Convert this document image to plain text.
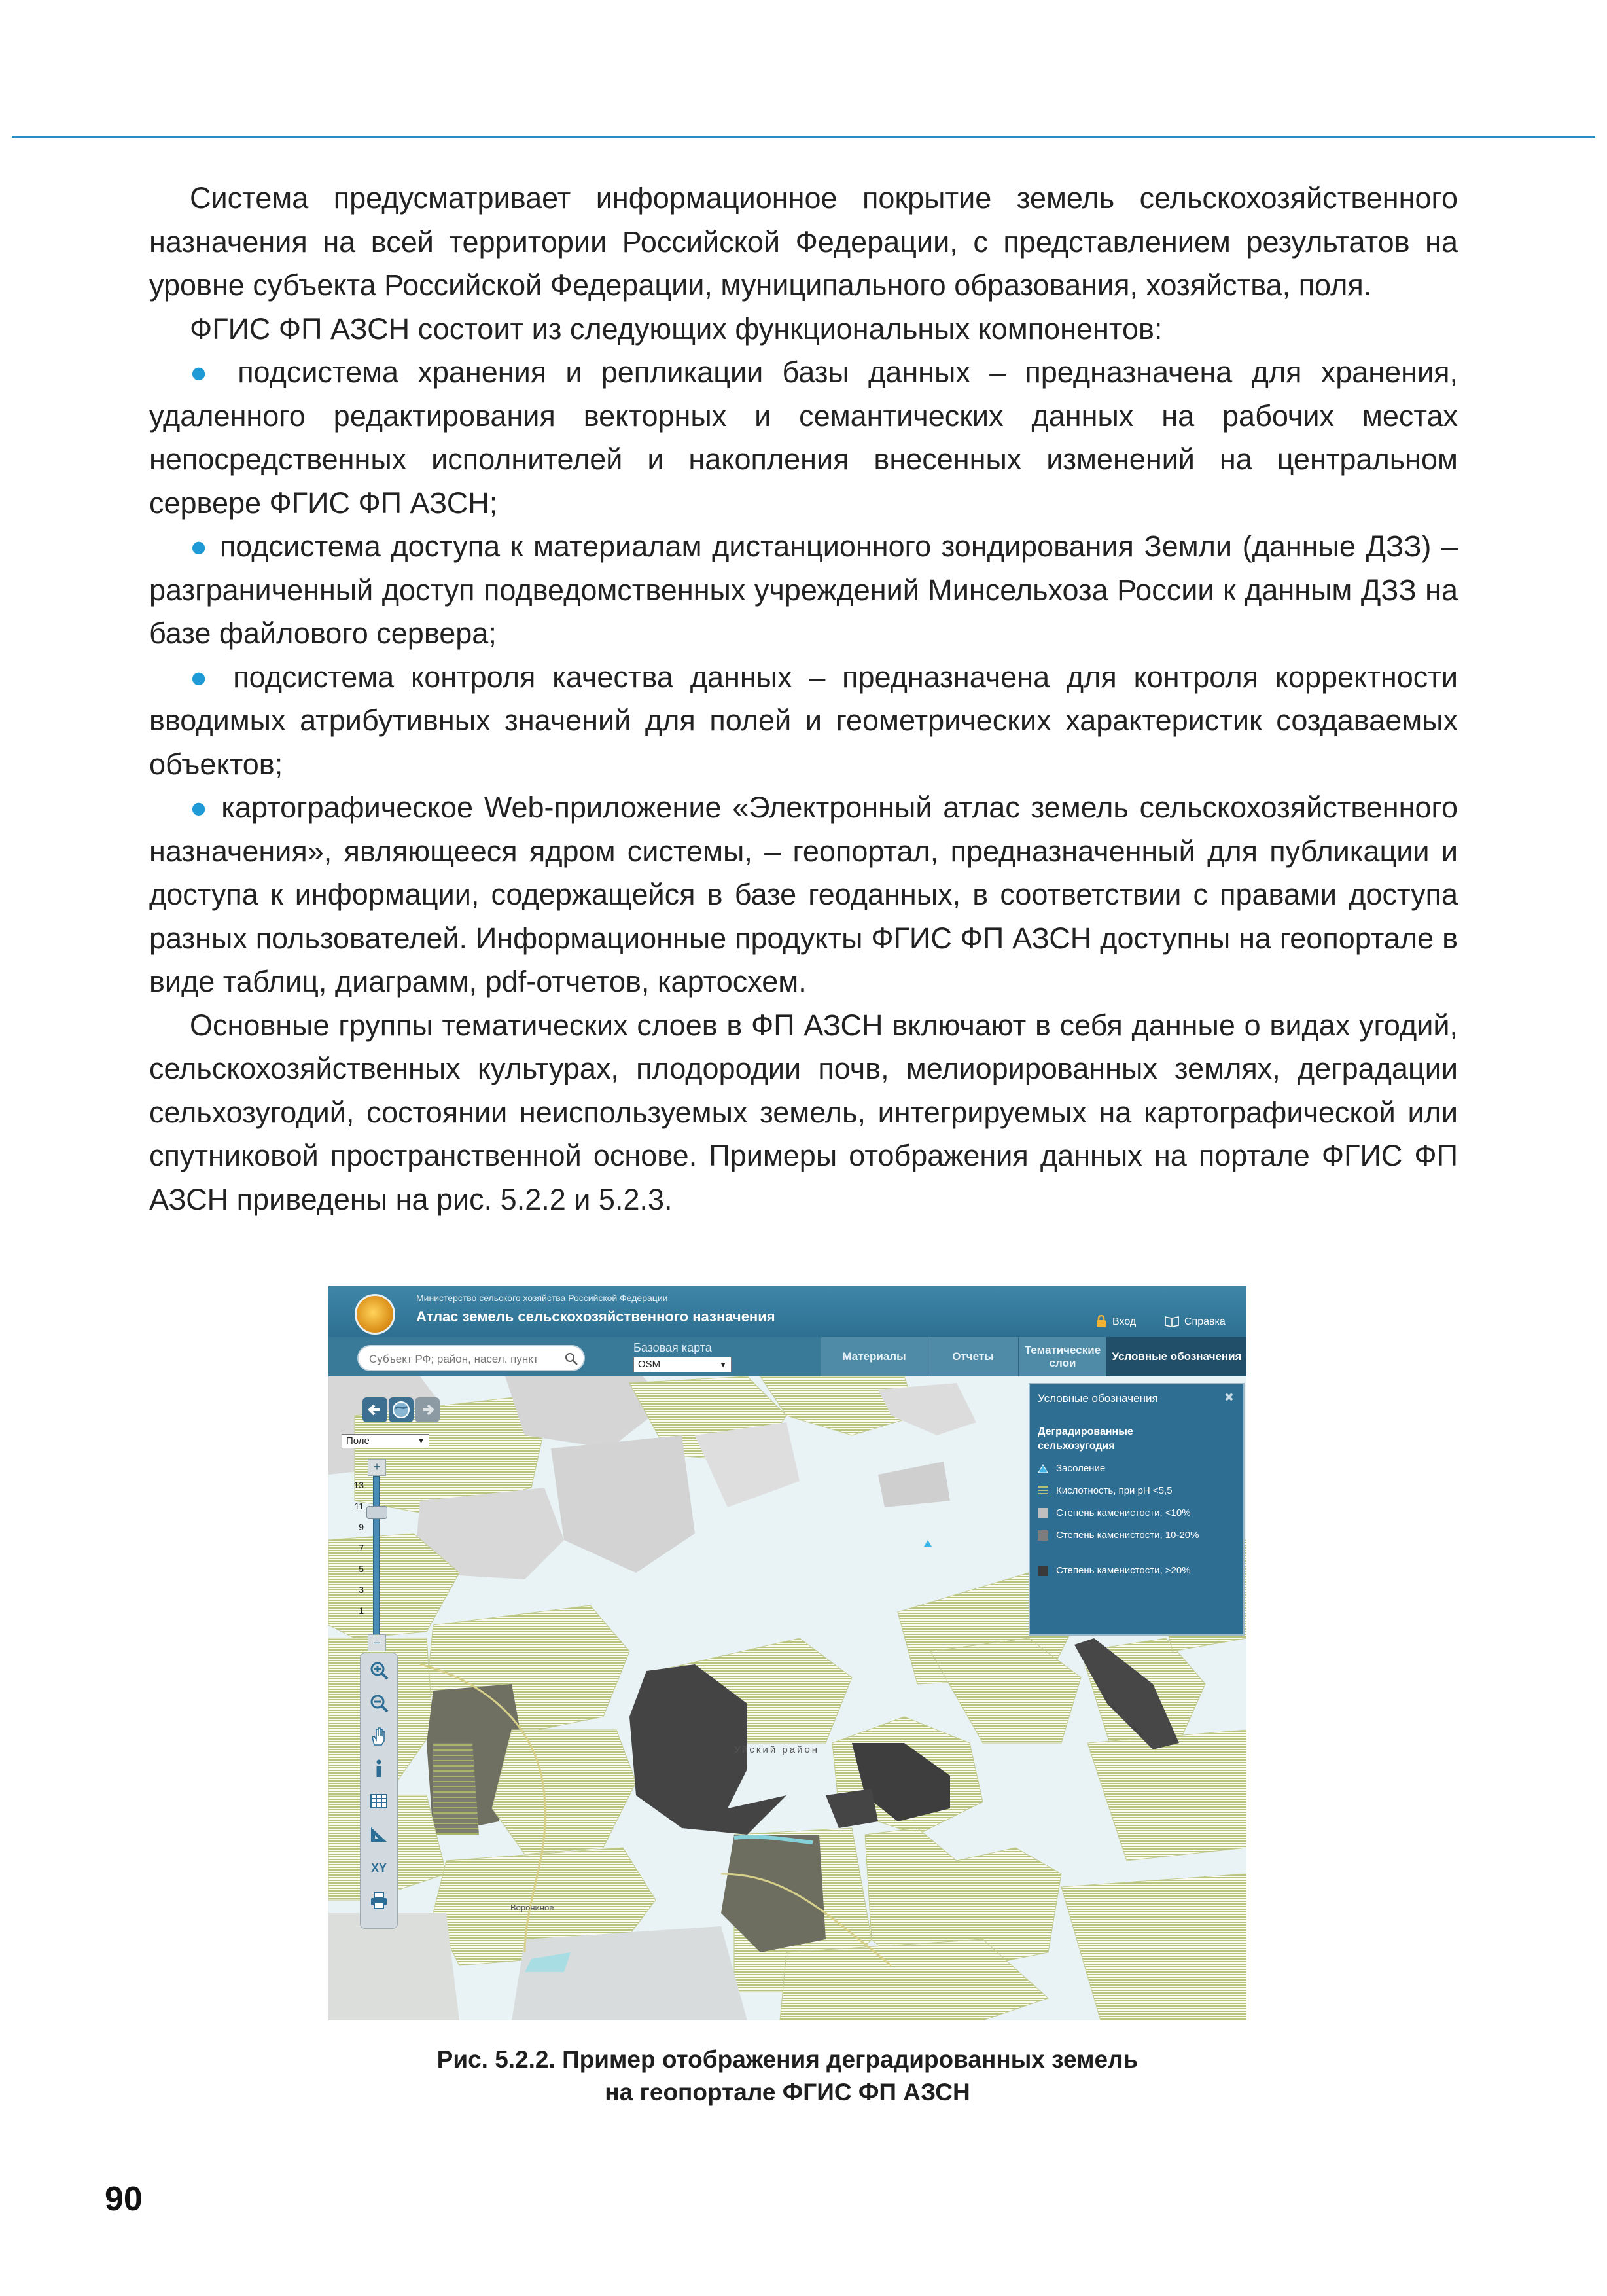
Система предусматривает информационное покрытие земель сельскохозяйственного назначения на всей территории Российской Федерации, с представлением результатов на уровне субъекта Российской Федерации, муниципального образования, хозяйства, поля.

ФГИС ФП АЗСН состоит из следующих функциональных компонентов:

● подсистема хранения и репликации базы данных – предназначена для хранения, удаленного редактирования векторных и семантических данных на рабочих местах непосредственных исполнителей и накопления внесенных изменений на центральном сервере ФГИС ФП АЗСН;

● подсистема доступа к материалам дистанционного зондирования Земли (данные ДЗЗ) – разграниченный доступ подведомственных учреждений Минсельхоза России к данным ДЗЗ на базе файлового сервера;

● подсистема контроля качества данных – предназначена для контроля корректности вводимых атрибутивных значений для полей и геометрических характеристик создаваемых объектов;

● картографическое Web-приложение «Электронный атлас земель сельскохозяйственного назначения», являющееся ядром системы, – геопортал, предназначенный для публикации и доступа к информации, содержащейся в базе геоданных, в соответствии с правами доступа разных пользователей. Информационные продукты ФГИС ФП АЗСН доступны на геопортале в виде таблиц, диаграмм, pdf-отчетов, картосхем.

Основные группы тематических слоев в ФП АЗСН включают в себя данные о видах угодий, сельскохозяйственных культурах, плодородии почв, мелиорированных землях, деградации сельхозугодий, состоянии неиспользуемых земель, интегрируемых на картографической или спутниковой пространственной основе. Примеры отображения данных на портале ФГИС ФП АЗСН приведены на рис. 5.2.2 и 5.2.3.

Министерство сельского хозяйства Российской Федерации
Атлас земель сельскохозяйственного назначения	Вход	Справка
Субъект РФ; район, насел. пункт
Базовая карта
OSM	▼
Материалы	Отчеты
Тематические слои
Условные обозначения
Уйский район
Ворониное
Поле	▼
+
–
13
11
9
7
5
3
1
XY
Условные обозначения	✖
Деградированные сельхозугодия
Засоление
Кислотность, при pH <5,5
Степень каменистости, <10%
Степень каменистости, 10-20%
Степень каменистости, >20%
Рис. 5.2.2. Пример отображения деградированных земель
на геопортале ФГИС ФП АЗСН
90
